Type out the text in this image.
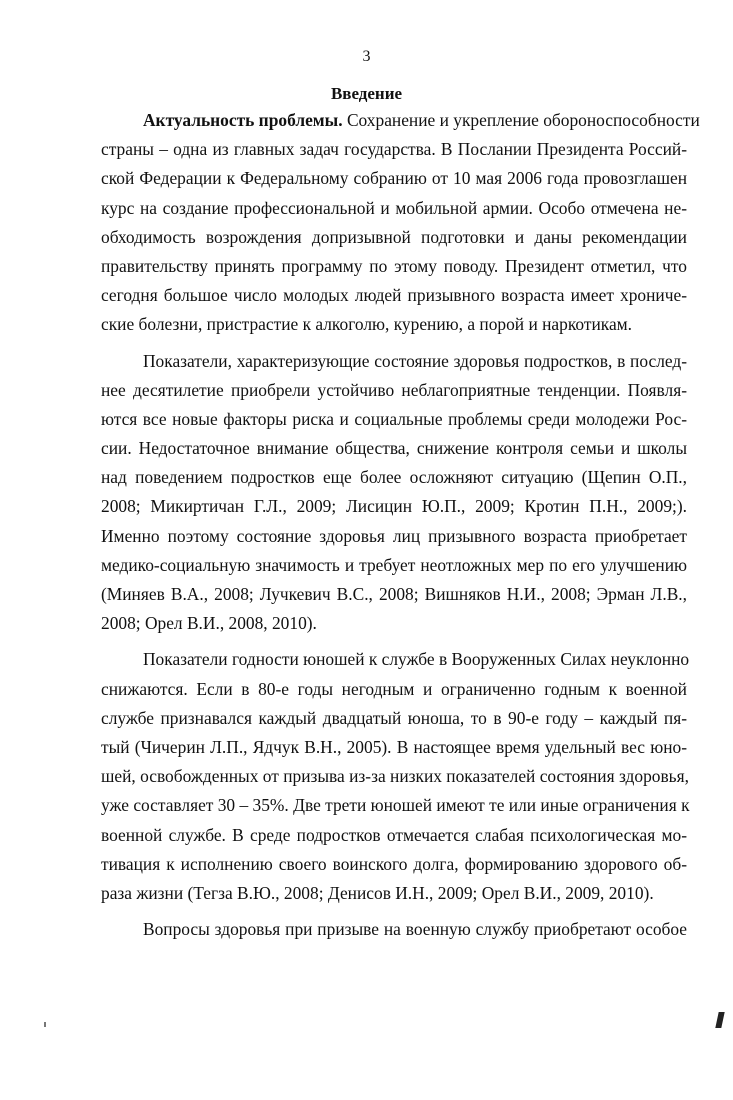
3
Введение
Актуальность проблемы. Сохранение и укрепление обороноспособности
страны – одна из главных задач государства. В Послании Президента Россий-
ской Федерации к Федеральному собранию от 10 мая 2006 года провозглашен
курс на создание профессиональной и мобильной армии. Особо отмечена не-
обходимость возрождения допризывной подготовки и даны рекомендации
правительству принять программу по этому поводу. Президент отметил, что
сегодня большое число молодых людей призывного возраста имеет хрониче-
ские болезни, пристрастие к алкоголю, курению, а порой и наркотикам.
Показатели, характеризующие состояние здоровья подростков, в послед-
нее десятилетие приобрели устойчиво неблагоприятные тенденции. Появля-
ются все новые факторы риска и социальные проблемы среди молодежи Рос-
сии. Недостаточное внимание общества, снижение контроля семьи и школы
над поведением подростков еще более осложняют ситуацию (Щепин О.П.,
2008; Микиртичан Г.Л., 2009; Лисицин Ю.П., 2009; Кротин П.Н., 2009;).
Именно поэтому состояние здоровья лиц призывного возраста приобретает
медико-социальную значимость и требует неотложных мер по его улучшению
(Миняев В.А., 2008; Лучкевич В.С., 2008; Вишняков Н.И., 2008; Эрман Л.В.,
2008; Орел В.И., 2008, 2010).
Показатели годности юношей к службе в Вооруженных Силах неуклонно
снижаются. Если в 80-е годы негодным и ограниченно годным к военной
службе признавался каждый двадцатый юноша, то в 90-е году – каждый пя-
тый (Чичерин Л.П., Ядчук В.Н., 2005). В настоящее время удельный вес юно-
шей, освобожденных от призыва из-за низких показателей состояния здоровья,
уже составляет 30 – 35%. Две трети юношей имеют те или иные ограничения к
военной службе. В среде подростков отмечается слабая психологическая мо-
тивация к исполнению своего воинского долга, формированию здорового об-
раза жизни (Тегза В.Ю., 2008; Денисов И.Н., 2009; Орел В.И., 2009, 2010).
Вопросы здоровья при призыве на военную службу приобретают особое
